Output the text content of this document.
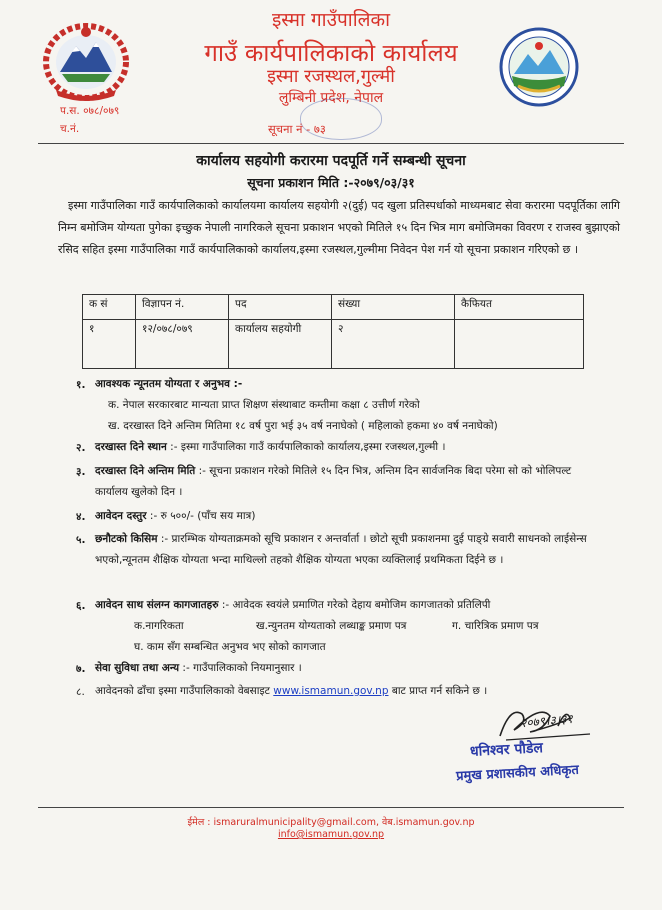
इस्मा गाउँपालिका
गाउँ कार्यपालिकाको कार्यालय
इस्मा रजस्थल,गुल्मी
लुम्बिनी प्रदेश, नेपाल
प.स. ०७८/०७९
च.नं.	सूचना नं - ७३
कार्यालय सहयोगी करारमा पदपूर्ति गर्ने सम्बन्धी सूचना
सूचना प्रकाशन मिति :-२०७९/०३/३१
इस्मा गाउँपालिका गाउँ कार्यपालिकाको कार्यालयमा कार्यालय सहयोगी २(दुई) पद खुला प्रतिस्पर्धाको माध्यमबाट सेवा करारमा पदपूर्तिका लागि निम्न बमोजिम योग्यता पुगेका इच्छुक नेपाली नागरिकले सूचना प्रकाशन भएको मितिले १५ दिन भित्र माग बमोजिमका विवरण र राजस्व बुझाएको रसिद सहित इस्मा गाउँपालिका गाउँ कार्यपालिकाको कार्यालय,इस्मा रजस्थल,गुल्मीमा निवेदन पेश गर्न यो सूचना प्रकाशन गरिएको छ ।
क सं	विज्ञापन नं.	पद	संख्या	कैफियत
१	१२/०७८/०७९	कार्यालय सहयोगी	२	
१. आवश्यक न्यूनतम योग्यता र अनुभव :-
क. नेपाल सरकारबाट मान्यता प्राप्त शिक्षण संस्थाबाट कम्तीमा कक्षा ८ उत्तीर्ण गरेको
ख. दरखास्त दिने अन्तिम मितिमा १८ वर्ष पुरा भई ३५ वर्ष ननाघेको ( महिलाको हकमा ४० वर्ष ननाघेको)
२. दरखास्त दिने स्थान :- इस्मा गाउँपालिका गाउँ कार्यपालिकाको कार्यालय,इस्मा रजस्थल,गुल्मी ।
३. दरखास्त दिने अन्तिम मिति :- सूचना प्रकाशन गरेको मितिले १५ दिन भित्र, अन्तिम दिन सार्वजनिक बिदा परेमा सो को भोलिपल्ट कार्यालय खुलेको दिन ।
४. आवेदन दस्तुर :- रु ५००/- (पाँच सय मात्र)
५. छनौटको किसिम :- प्रारम्भिक योग्यताक्रमको सूचि प्रकाशन र अन्तर्वार्ता । छोटो सूची प्रकाशनमा दुई पाङ्ग्रे सवारी साधनको लाईसेन्स भएको,न्यूनतम शैक्षिक योग्यता भन्दा माथिल्लो तहको शैक्षिक योग्यता भएका व्यक्तिलाई प्रथमिकता दिईने छ ।
६. आवेदन साथ संलग्न कागजातहरु :- आवेदक स्वयंले प्रमाणित गरेको देहाय बमोजिम कागजातको प्रतिलिपी
क.नागरिकता	ख.न्युनतम योग्यताको लब्धाङ्क प्रमाण पत्र	ग. चारित्रिक प्रमाण पत्र
घ. काम सँग सम्बन्धित अनुभव भए सोको कागजात
७. सेवा सुविधा तथा अन्य :- गाउँपालिकाको नियमानुसार ।
८. आवेदनको ढाँचा इस्मा गाउँपालिकाको वेबसाइट www.ismamun.gov.np बाट प्राप्त गर्न सकिने छ ।
२०७९।३।३१
धनिश्वर पौडेल
प्रमुख प्रशासकीय अधिकृत
ईमेल : ismaruralmunicipality@gmail.com, वेब.ismamun.gov.np
info@ismamun.gov.np
